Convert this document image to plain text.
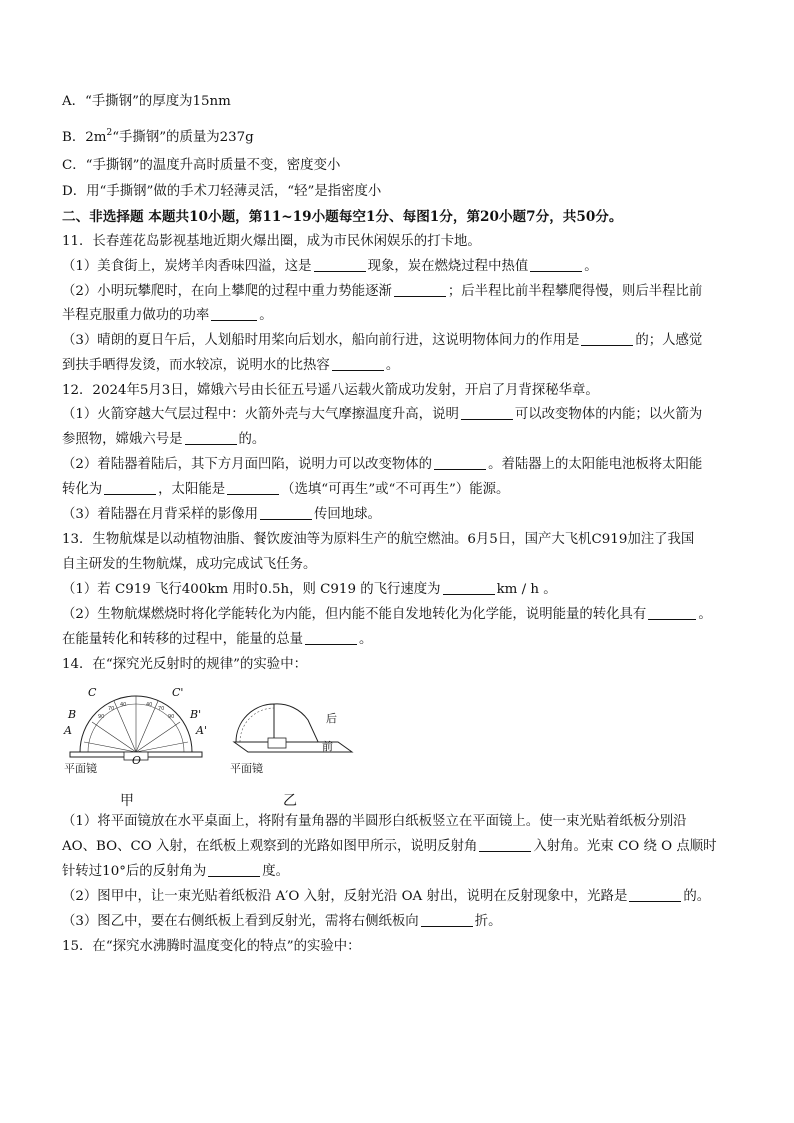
A．“手撕钢”的厚度为15nm
B．$2m^2“$手撕钢”的质量为237g
C．“手撕钢”的温度升高时质量不变，密度变小
D．用“手撕钢”做的手术刀轻薄灵活，“轻”是指密度小
二、非选择题 本题共10小题，第11~19小题每空1分、每图1分，第20小题7分，共50分。
11．长春莲花岛影视基地近期火爆出圈，成为市民休闲娱乐的打卡地。
（1）美食街上，炭烤羊肉香味四溢，这是	现象，炭在燃烧过程中热值	。
（2）小明玩攀爬时，在向上攀爬的过程中重力势能逐渐	；后半程比前半程攀爬得慢，则后半程比前
半程克服重力做功的功率	。
（3）晴朗的夏日午后，人划船时用桨向后划水，船向前行进，这说明物体间力的作用是	的；人感觉
到扶手晒得发烫，而水较凉，说明水的比热容	。
12．2024年5月3日，嫦娥六号由长征五号遥八运载火箭成功发射，开启了月背探秘华章。
（1）火箭穿越大气层过程中：火箭外壳与大气摩擦温度升高，说明	可以改变物体的内能；以火箭为
参照物，嫦娥六号是	的。
（2）着陆器着陆后，其下方月面凹陷，说明力可以改变物体的	。着陆器上的太阳能电池板将太阳能
转化为	，太阳能是	（选填“可再生”或“不可再生”）能源。
（3）着陆器在月背采样的影像用	传回地球。
13．生物航煤是以动植物油脂、餐饮废油等为原料生产的航空燃油。6月5日，国产大飞机C919加注了我国
自主研发的生物航煤，成功完成试飞任务。
（1）若 C919 飞行400km 用时0.5h，则 C919 的飞行速度为	km / h 。
（2）生物航煤燃烧时将化学能转化为内能，但内能不能自发地转化为化学能，说明能量的转化具有	。
在能量转化和转移的过程中，能量的总量	。
14．在“探究光反射时的规律”的实验中：
90
70
40	40
70
90
C	C'
B	B'
A	A'
O
平面镜
后
前
平面镜
甲	乙
（1）将平面镜放在水平桌面上，将附有量角器的半圆形白纸板竖立在平面镜上。使一束光贴着纸板分别沿
AO、BO、CO 入射，在纸板上观察到的光路如图甲所示，说明反射角	入射角。光束 CO 绕 O 点顺时
针转过10°后的反射角为	度。
（2）图甲中，让一束光贴着纸板沿 A′O 入射，反射光沿 OA 射出，说明在反射现象中，光路是	的。
（3）图乙中，要在右侧纸板上看到反射光，需将右侧纸板向	折。
15．在“探究水沸腾时温度变化的特点”的实验中：
